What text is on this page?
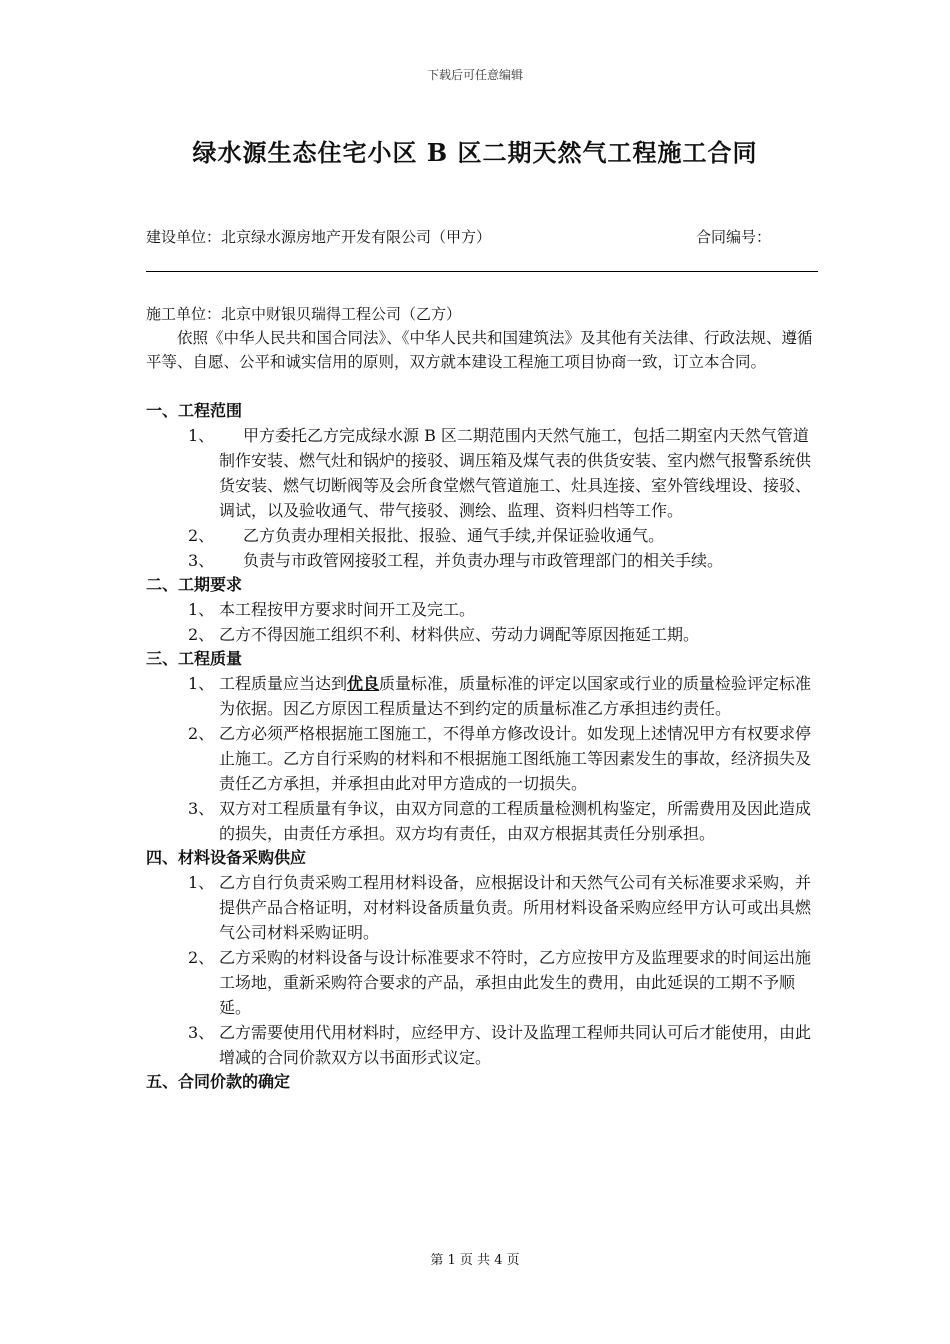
下载后可任意编辑
绿水源生态住宅小区 B 区二期天然气工程施工合同
建设单位：北京绿水源房地产开发有限公司（甲方）	合同编号：
施工单位：北京中财银贝瑞得工程公司（乙方）

依照《中华人民共和国合同法》、《中华人民共和国建筑法》及其他有关法律、行政法规、遵循平等、自愿、公平和诚实信用的原则，双方就本建设工程施工项目协商一致，订立本合同。

一、工程范围
1、	甲方委托乙方完成绿水源 B 区二期范围内天然气施工，包括二期室内天然气管道制作安装、燃气灶和锅炉的接驳、调压箱及煤气表的供货安装、室内燃气报警系统供货安装、燃气切断阀等及会所食堂燃气管道施工、灶具连接、室外管线埋设、接驳、调试，以及验收通气、带气接驳、测绘、监理、资料归档等工作。
2、	乙方负责办理相关报批、报验、通气手续,并保证验收通气。
3、	负责与市政管网接驳工程，并负责办理与市政管理部门的相关手续。
二、工期要求
1、 本工程按甲方要求时间开工及完工。
2、 乙方不得因施工组织不利、材料供应、劳动力调配等原因拖延工期。
三、工程质量
1、 工程质量应当达到优良质量标准，质量标准的评定以国家或行业的质量检验评定标准为依据。因乙方原因工程质量达不到约定的质量标准乙方承担违约责任。
2、 乙方必须严格根据施工图施工，不得单方修改设计。如发现上述情况甲方有权要求停止施工。乙方自行采购的材料和不根据施工图纸施工等因素发生的事故，经济损失及责任乙方承担，并承担由此对甲方造成的一切损失。
3、 双方对工程质量有争议，由双方同意的工程质量检测机构鉴定，所需费用及因此造成的损失，由责任方承担。双方均有责任，由双方根据其责任分别承担。
四、材料设备采购供应
1、 乙方自行负责采购工程用材料设备，应根据设计和天然气公司有关标准要求采购，并提供产品合格证明，对材料设备质量负责。所用材料设备采购应经甲方认可或出具燃气公司材料采购证明。
2、 乙方采购的材料设备与设计标准要求不符时，乙方应按甲方及监理要求的时间运出施工场地，重新采购符合要求的产品，承担由此发生的费用，由此延误的工期不予顺延。
3、 乙方需要使用代用材料时，应经甲方、设计及监理工程师共同认可后才能使用，由此增减的合同价款双方以书面形式议定。
五、合同价款的确定
第 1 页 共 4 页
